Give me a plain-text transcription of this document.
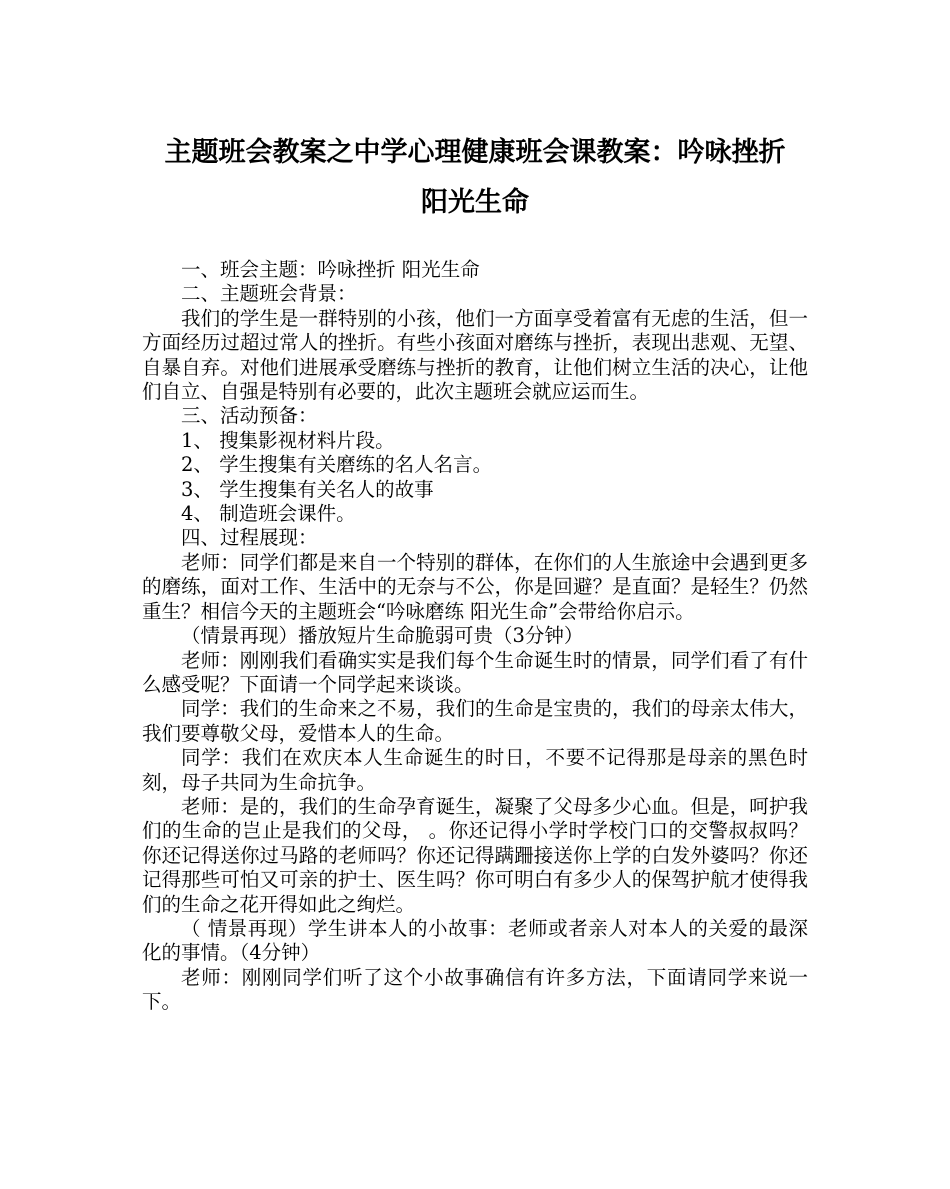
主题班会教案之中学心理健康班会课教案：吟咏挫折
阳光生命

一、班会主题：吟咏挫折 阳光生命

二、主题班会背景：

我们的学生是一群特别的小孩，他们一方面享受着富有无虑的生活，但一方面经历过超过常人的挫折。有些小孩面对磨练与挫折，表现出悲观、无望、自暴自弃。对他们进展承受磨练与挫折的教育，让他们树立生活的决心，让他们自立、自强是特别有必要的，此次主题班会就应运而生。

三、活动预备：

1、 搜集影视材料片段。

2、 学生搜集有关磨练的名人名言。

3、 学生搜集有关名人的故事

4、 制造班会课件。

四、过程展现：

老师：同学们都是来自一个特别的群体，在你们的人生旅途中会遇到更多的磨练，面对工作、生活中的无奈与不公，你是回避？是直面？是轻生？仍然重生？相信今天的主题班会“吟咏磨练 阳光生命”会带给你启示。

（情景再现）播放短片生命脆弱可贵（3分钟）

老师：刚刚我们看确实实是我们每个生命诞生时的情景，同学们看了有什么感受呢？下面请一个同学起来谈谈。

同学：我们的生命来之不易，我们的生命是宝贵的，我们的母亲太伟大，我们要尊敬父母，爱惜本人的生命。

同学：我们在欢庆本人生命诞生的时日，不要不记得那是母亲的黑色时刻，母子共同为生命抗争。

老师：是的，我们的生命孕育诞生，凝聚了父母多少心血。但是，呵护我们的生命的岂止是我们的父母， 。你还记得小学时学校门口的交警叔叔吗？你还记得送你过马路的老师吗？你还记得蹒跚接送你上学的白发外婆吗？你还记得那些可怕又可亲的护士、医生吗？你可明白有多少人的保驾护航才使得我们的生命之花开得如此之绚烂。

（ 情景再现）学生讲本人的小故事：老师或者亲人对本人的关爱的最深化的事情。（4分钟）

老师：刚刚同学们听了这个小故事确信有许多方法，下面请同学来说一下。
